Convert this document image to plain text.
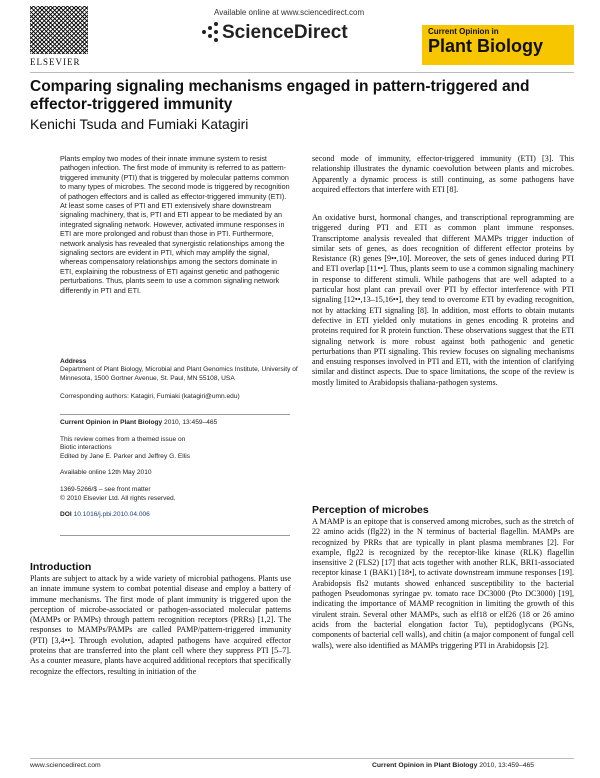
ELSEVIER
Available online at www.sciencedirect.com
ScienceDirect	Current Opinion in
Plant Biology
Comparing signaling mechanisms engaged in pattern-triggered and effector-triggered immunity
Kenichi Tsuda and Fumiaki Katagiri
Plants employ two modes of their innate immune system to resist pathogen infection. The first mode of immunity is referred to as pattern-triggered immunity (PTI) that is triggered by molecular patterns common to many types of microbes. The second mode is triggered by recognition of pathogen effectors and is called as effector-triggered immunity (ETI). At least some cases of PTI and ETI extensively share downstream signaling machinery, that is, PTI and ETI appear to be mediated by an integrated signaling network. However, activated immune responses in ETI are more prolonged and robust than those in PTI. Furthermore, network analysis has revealed that synergistic relationships among the signaling sectors are evident in PTI, which may amplify the signal, whereas compensatory relationships among the sectors dominate in ETI, explaining the robustness of ETI against genetic and pathogenic perturbations. Thus, plants seem to use a common signaling network differently in PTI and ETI.
Address
Department of Plant Biology, Microbial and Plant Genomics Institute, University of Minnesota, 1500 Gortner Avenue, St. Paul, MN 55108, USA
Corresponding authors: Katagiri, Fumiaki (katagiri@umn.edu)
Current Opinion in Plant Biology 2010, 13:459–465
This review comes from a themed issue on
Biotic interactions
Edited by Jane E. Parker and Jeffrey G. Ellis
Available online 12th May 2010
1369-5266/$ – see front matter
© 2010 Elsevier Ltd. All rights reserved.
DOI 10.1016/j.pbi.2010.04.006
Introduction
Plants are subject to attack by a wide variety of microbial pathogens. Plants use an innate immune system to combat potential disease and employ a battery of immune mechanisms. The first mode of plant immunity is triggered upon the perception of microbe-associated or pathogen-associated molecular patterns (MAMPs or PAMPs) through pattern recognition receptors (PRRs) [1,2]. The responses to MAMPs/PAMPs are called PAMP/pattern-triggered immunity (PTI) [3,4••]. Through evolution, adapted pathogens have acquired effector proteins that are transferred into the plant cell where they suppress PTI [5–7]. As a counter measure, plants have acquired additional receptors that specifically recognize the effectors, resulting in initiation of the
second mode of immunity, effector-triggered immunity (ETI) [3]. This relationship illustrates the dynamic coevolution between plants and microbes. Apparently a dynamic process is still continuing, as some pathogens have acquired effectors that interfere with ETI [8].
An oxidative burst, hormonal changes, and transcriptional reprogramming are triggered during PTI and ETI as common plant immune responses. Transcriptome analysis revealed that different MAMPs trigger induction of similar sets of genes, as does recognition of different effector proteins by Resistance (R) genes [9••,10]. Moreover, the sets of genes induced during PTI and ETI overlap [11••]. Thus, plants seem to use a common signaling machinery in response to different stimuli. While pathogens that are well adapted to a particular host plant can prevail over PTI by effector interference with PTI signaling [12••,13–15,16••], they tend to overcome ETI by evading recognition, not by attacking ETI signaling [8]. In addition, most efforts to obtain mutants defective in ETI yielded only mutations in genes encoding R proteins and proteins required for R protein function. These observations suggest that the ETI signaling network is more robust against both pathogenic and genetic perturbations than PTI signaling. This review focuses on signaling mechanisms and ensuing responses involved in PTI and ETI, with the intention of clarifying similar and distinct aspects. Due to space limitations, the scope of the review is mostly limited to Arabidopsis thaliana-pathogen systems.
Perception of microbes
A MAMP is an epitope that is conserved among microbes, such as the stretch of 22 amino acids (flg22) in the N terminus of bacterial flagellin. MAMPs are recognized by PRRs that are typically in plant plasma membranes [2]. For example, flg22 is recognized by the receptor-like kinase (RLK) flagellin insensitive 2 (FLS2) [17] that acts together with another RLK, BRI1-associated receptor kinase 1 (BAK1) [18•], to activate downstream immune responses [19]. Arabidopsis fls2 mutants showed enhanced susceptibility to the bacterial pathogen Pseudomonas syringae pv. tomato race DC3000 (Pto DC3000) [19], indicating the importance of MAMP recognition in limiting the growth of this virulent strain. Several other MAMPs, such as elf18 or elf26 (18 or 26 amino acids from the bacterial elongation factor Tu), peptidoglycans (PGNs, components of bacterial cell walls), and chitin (a major component of fungal cell walls), were also identified as MAMPs triggering PTI in Arabidopsis [2].
www.sciencedirect.com	Current Opinion in Plant Biology 2010, 13:459–465
